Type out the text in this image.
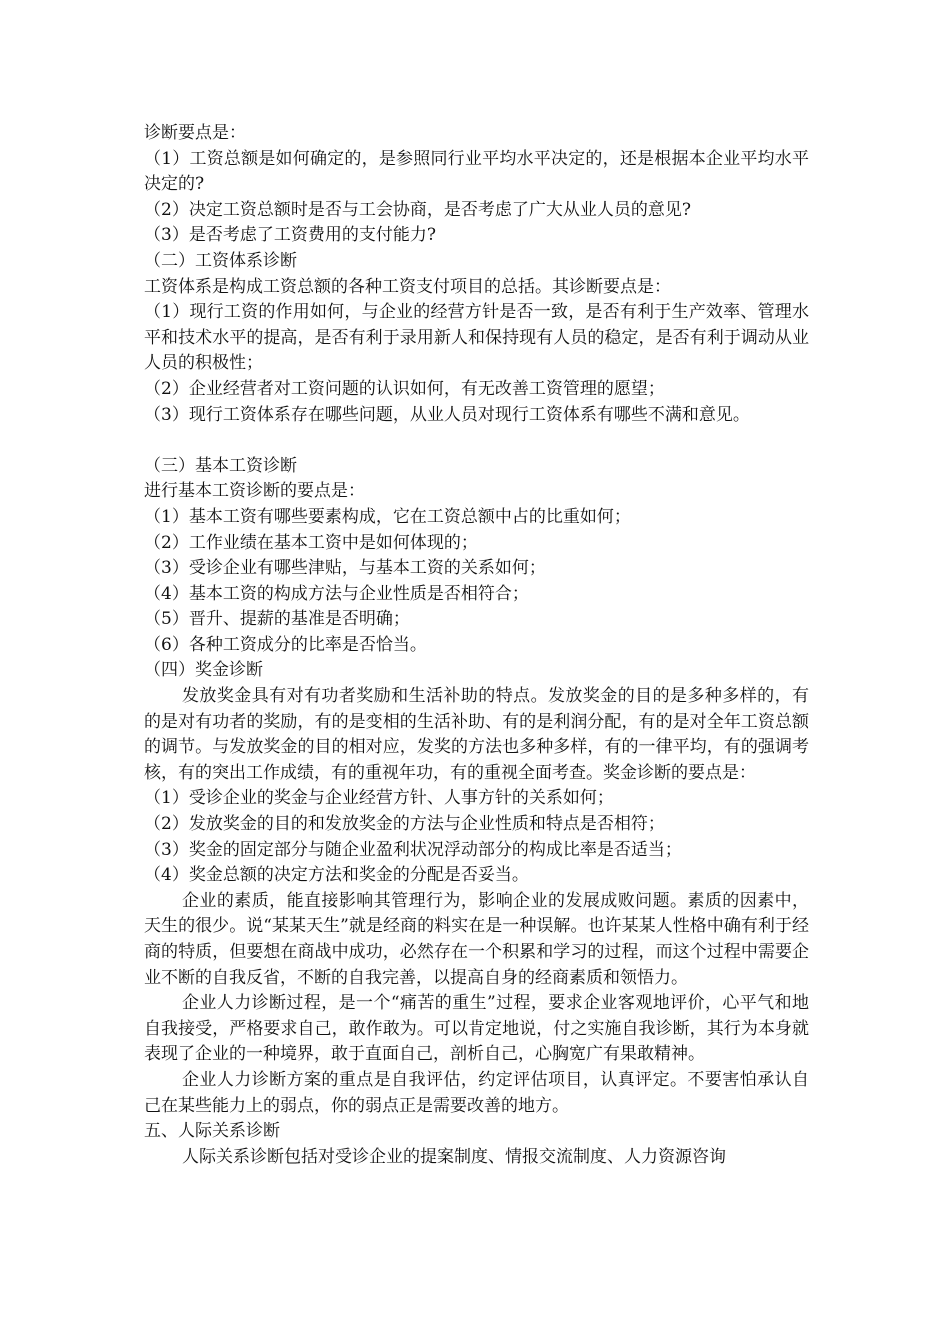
诊断要点是：

（1）工资总额是如何确定的，是参照同行业平均水平决定的，还是根据本企业平均水平决定的?

（2）决定工资总额时是否与工会协商，是否考虑了广大从业人员的意见?

（3）是否考虑了工资费用的支付能力?

（二）工资体系诊断

工资体系是构成工资总额的各种工资支付项目的总括。其诊断要点是：

（1）现行工资的作用如何，与企业的经营方针是否一致，是否有利于生产效率、管理水平和技术水平的提高，是否有利于录用新人和保持现有人员的稳定，是否有利于调动从业人员的积极性；

（2）企业经营者对工资问题的认识如何，有无改善工资管理的愿望；

（3）现行工资体系存在哪些问题，从业人员对现行工资体系有哪些不满和意见。

（三）基本工资诊断

进行基本工资诊断的要点是：

（1）基本工资有哪些要素构成，它在工资总额中占的比重如何；

（2）工作业绩在基本工资中是如何体现的；

（3）受诊企业有哪些津贴，与基本工资的关系如何；

（4）基本工资的构成方法与企业性质是否相符合；

（5）晋升、提薪的基准是否明确；

（6）各种工资成分的比率是否恰当。

（四）奖金诊断

发放奖金具有对有功者奖励和生活补助的特点。发放奖金的目的是多种多样的，有的是对有功者的奖励，有的是变相的生活补助、有的是利润分配，有的是对全年工资总额的调节。与发放奖金的目的相对应，发奖的方法也多种多样，有的一律平均，有的强调考核，有的突出工作成绩，有的重视年功，有的重视全面考查。奖金诊断的要点是：

（1）受诊企业的奖金与企业经营方针、人事方针的关系如何；

（2）发放奖金的目的和发放奖金的方法与企业性质和特点是否相符；

（3）奖金的固定部分与随企业盈利状况浮动部分的构成比率是否适当；

（4）奖金总额的决定方法和奖金的分配是否妥当。

企业的素质，能直接影响其管理行为，影响企业的发展成败问题。素质的因素中，天生的很少。说“某某天生”就是经商的料实在是一种误解。也许某某人性格中确有利于经商的特质，但要想在商战中成功，必然存在一个积累和学习的过程，而这个过程中需要企业不断的自我反省，不断的自我完善，以提高自身的经商素质和领悟力。

企业人力诊断过程，是一个“痛苦的重生”过程，要求企业客观地评价，心平气和地自我接受，严格要求自己，敢作敢为。可以肯定地说，付之实施自我诊断，其行为本身就表现了企业的一种境界，敢于直面自己，剖析自己，心胸宽广有果敢精神。

企业人力诊断方案的重点是自我评估，约定评估项目，认真评定。不要害怕承认自己在某些能力上的弱点，你的弱点正是需要改善的地方。

五、人际关系诊断

人际关系诊断包括对受诊企业的提案制度、情报交流制度、人力资源咨询
